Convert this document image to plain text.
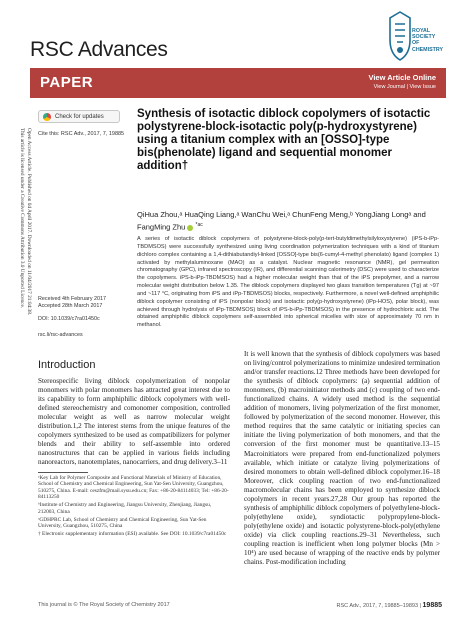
RSC Advances
ROYAL SOCIETY
OF CHEMISTRY
PAPER	View Article Online
View Journal | View Issue
Open Access Article. Published on 04 April 2017. Downloaded on 11/04/2017 21:04:38.
This article is licensed under a Creative Commons Attribution 3.0 Unported Licence.
Check for updates
Cite this: RSC Adv., 2017, 7, 19885
Synthesis of isotactic diblock copolymers of isotactic polystyrene-block-isotactic poly(p-hydroxystyrene) using a titanium complex with an [OSSO]-type bis(phenolate) ligand and sequential monomer addition†
QiHua Zhou,ᵃ HuaQing Liang,ᵃ WanChu Wei,ᵃ ChunFeng Meng,ᵇ YongJiang Longᵃ and FangMing Zhu $^{*ac}$
A series of isotactic diblock copolymers of polystyrene-block-poly(p-tert-butyldimethylsilyloxystyrene) (iPS-b-iPp-TBDMSOS) were successfully synthesized using living coordination polymerization techniques with a kind of titanium dichloro complex containing a 1,4-dithiabutandiyl-linked [OSSO]-type bis(6-cumyl-4-methyl phenolato) ligand (complex 1) activated by methylaluminoxane (MAO) as a catalyst. Nuclear magnetic resonance (NMR), gel permeation chromatography (GPC), infrared spectroscopy (IR), and differential scanning calorimetry (DSC) were used to characterize the copolymers. iPS-b-iPp-TBDMSOS) had a higher molecular weight than that of the iPS prepolymer, and a narrow molecular weight distribution below 1.35. The diblock copolymers displayed two glass transition temperatures (Tg) at ~97 and ~117 °C, originating from iPS and iPp-TBDMSOS) blocks, respectively. Furthermore, a novel well-defined amphiphilic diblock copolymer consisting of iPS (nonpolar block) and isotactic poly(p-hydroxystyrene) (iPp-HOS), polar block), was achieved through hydrolysis of iPp-TBDMSOS) block of iPS-b-iPp-TBDMSOS) in the presence of hydrochloric acid. The obtained amphiphilic diblock copolymers self-assembled into spherical micelles with size of approximately 70 nm in methanol.
Received 4th February 2017
Accepted 28th March 2017
DOI: 10.1039/c7ra01450c
rsc.li/rsc-advances
Introduction
Stereospecific living diblock copolymerization of nonpolar monomers with polar monomers has attracted great interest due to its capability to form amphiphilic diblock copolymers with well-defined stereochemistry and comonomer composition, controlled molecular weight as well as narrow molecular weight distribution.1,2 The interest stems from the unique features of the copolymers synthesized to be used as compatibilizers for polymer blends and their ability to self-assemble into ordered nanostructures that can be applied in various fields including nanoreactors, nanotemplates, nanocarriers, and drug delivery.3–11
It is well known that the synthesis of diblock copolymers was based on living/control polymerizations to minimize undesired termination and/or transfer reactions.12 Three methods have been developed for the synthesis of diblock copolymers: (a) sequential addition of monomers, (b) macroinitiator methods and (c) coupling of two end-functionalized chains. A widely used method is the sequential addition of monomers, living polymerization of the first monomer, followed by polymerization of the second monomer. However, this method requires that the same catalytic or initiating species can initiate the living polymerization of both monomers, and that the conversion of the first monomer must be quantitative.13–15 Macroinitiators were prepared from end-functionalized polymers available, which initiate or catalyze living polymerizations of desired monomers to obtain well-defined diblock copolymer.16–18 Moreover, click coupling reaction of two end-functionalized macromolecular chains has been employed to synthesize diblock copolymers in recent years.27,28 Our group has reported the synthesis of amphiphilic diblock copolymers of polyethylene-block-poly(ethylene oxide), syndiotactic polypropylene-block-poly(ethylene oxide) and isotactic polystyrene-block-poly(ethylene oxide) via click coupling reactions.29–31 Nevertheless, such coupling reaction is inefficient when long polymer blocks (Mn > 10⁴) are used because of wrapping of the reactive ends by polymer chains. Post-modification including

ᵃKey Lab for Polymer Composite and Functional Materials of Ministry of Education, School of Chemistry and Chemical Engineering, Sun Yat-Sen University, Guangzhou, 510275, China. E-mail: ceszfm@mail.sysu.edu.cn; Fax: +86-20-84114033; Tel: +86-20-84113250

ᵇInstitute of Chemistry and Engineering, Jiangsu University, Zhenjiang, Jiangsu, 212003, China

ᶜGDHPRC Lab, School of Chemistry and Chemical Engineering, Sun Yat-Sen University, Guangzhou, 510275, China

† Electronic supplementary information (ESI) available. See DOI: 10.1039/c7ra01450c

This journal is © The Royal Society of Chemistry 2017	RSC Adv., 2017, 7, 19885–19893 | 19885
